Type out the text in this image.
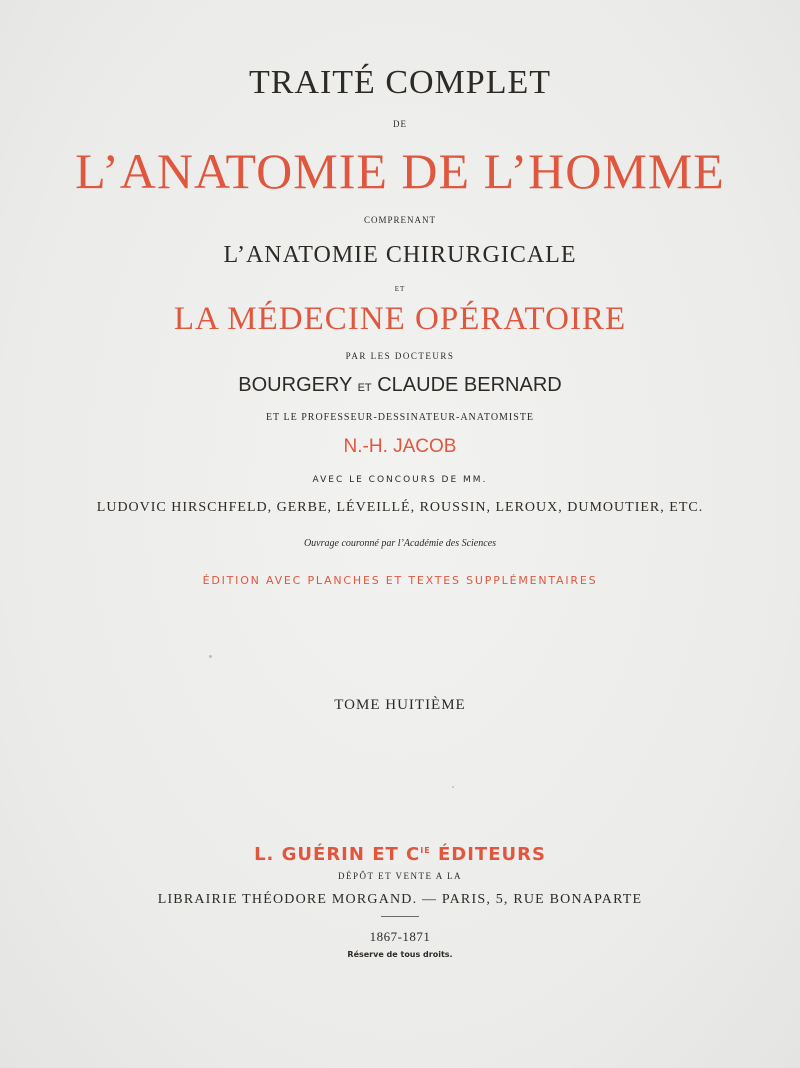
TRAITÉ COMPLET
DE
L’ANATOMIE DE L’HOMME
COMPRENANT
L’ANATOMIE CHIRURGICALE
ET
LA MÉDECINE OPÉRATOIRE
PAR LES DOCTEURS
BOURGERY ET CLAUDE BERNARD
ET LE PROFESSEUR-DESSINATEUR-ANATOMISTE
N.-H. JACOB
AVEC LE CONCOURS DE MM.
LUDOVIC HIRSCHFELD, GERBE, LÉVEILLÉ, ROUSSIN, LEROUX, DUMOUTIER, ETC.
Ouvrage couronné par l’Académie des Sciences
ÉDITION AVEC PLANCHES ET TEXTES SUPPLÉMENTAIRES
TOME HUITIÈME
L. GUÉRIN ET $C^{IE}$ ÉDITEURS
DÉPÔT ET VENTE A LA
LIBRAIRIE THÉODORE MORGAND. — PARIS, 5, RUE BONAPARTE
1867-1871
Réserve de tous droits.
